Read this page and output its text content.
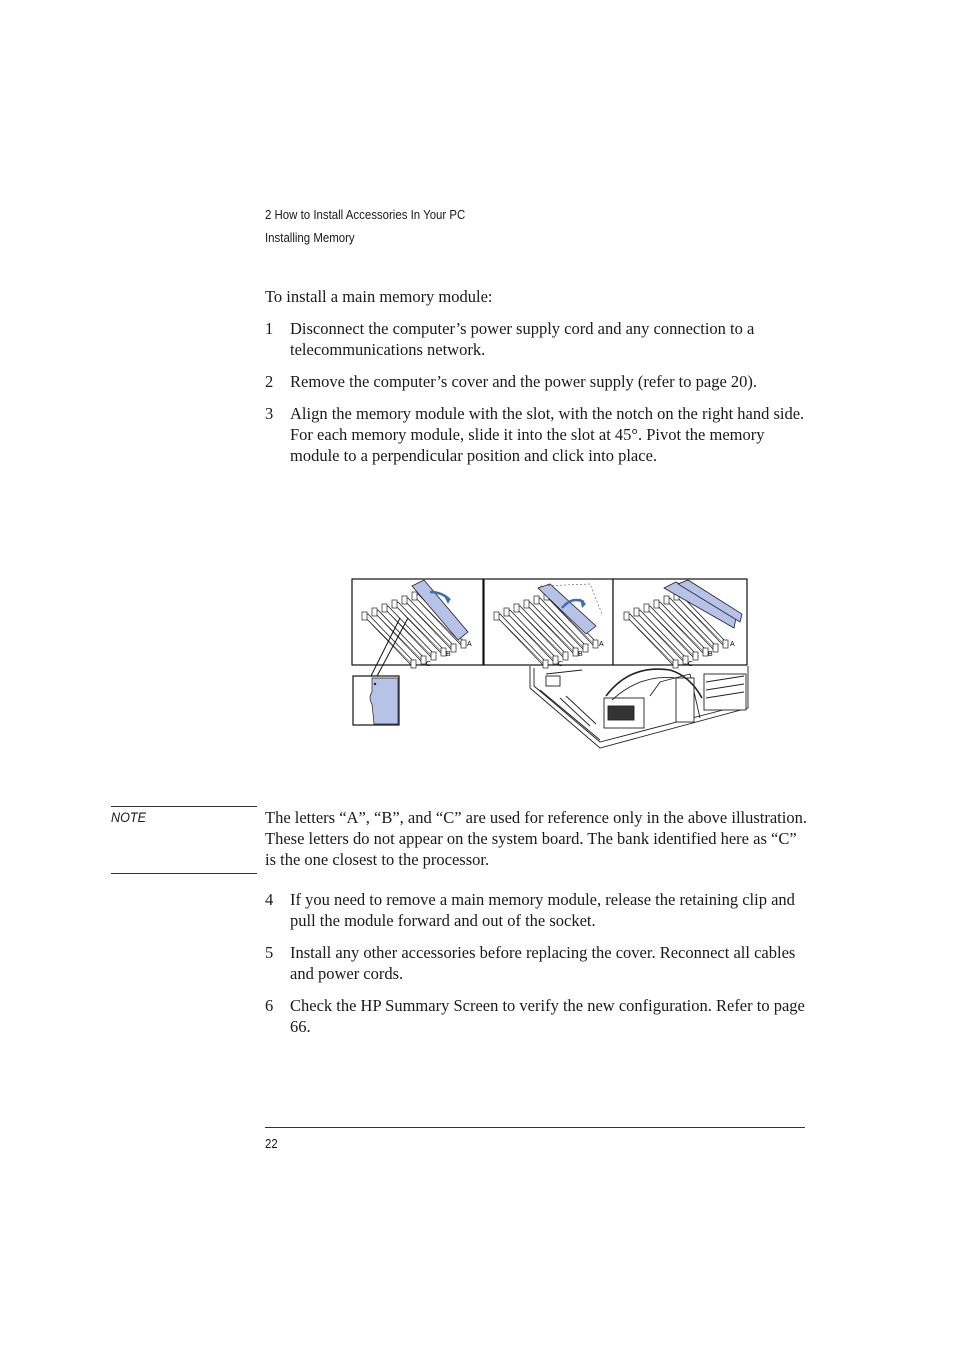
2 How to Install Accessories In Your PC
Installing Memory
To install a main memory module:
1 Disconnect the computer’s power supply cord and any connection to a telecommunications network.
2 Remove the computer’s cover and the power supply (refer to page 20).
3 Align the memory module with the slot, with the notch on the right hand side. For each memory module, slide it into the slot at 45°. Pivot the memory module to a perpendicular position and click into place.
A
B
C
A
B
C
A
B
C
NOTE	The letters “A”, “B”, and “C” are used for reference only in the above illustration. These letters do not appear on the system board. The bank identified here as “C” is the one closest to the processor.
4 If you need to remove a main memory module, release the retaining clip and pull the module forward and out of the socket.
5 Install any other accessories before replacing the cover. Reconnect all cables and power cords.
6 Check the HP Summary Screen to verify the new configuration. Refer to page 66.
22
